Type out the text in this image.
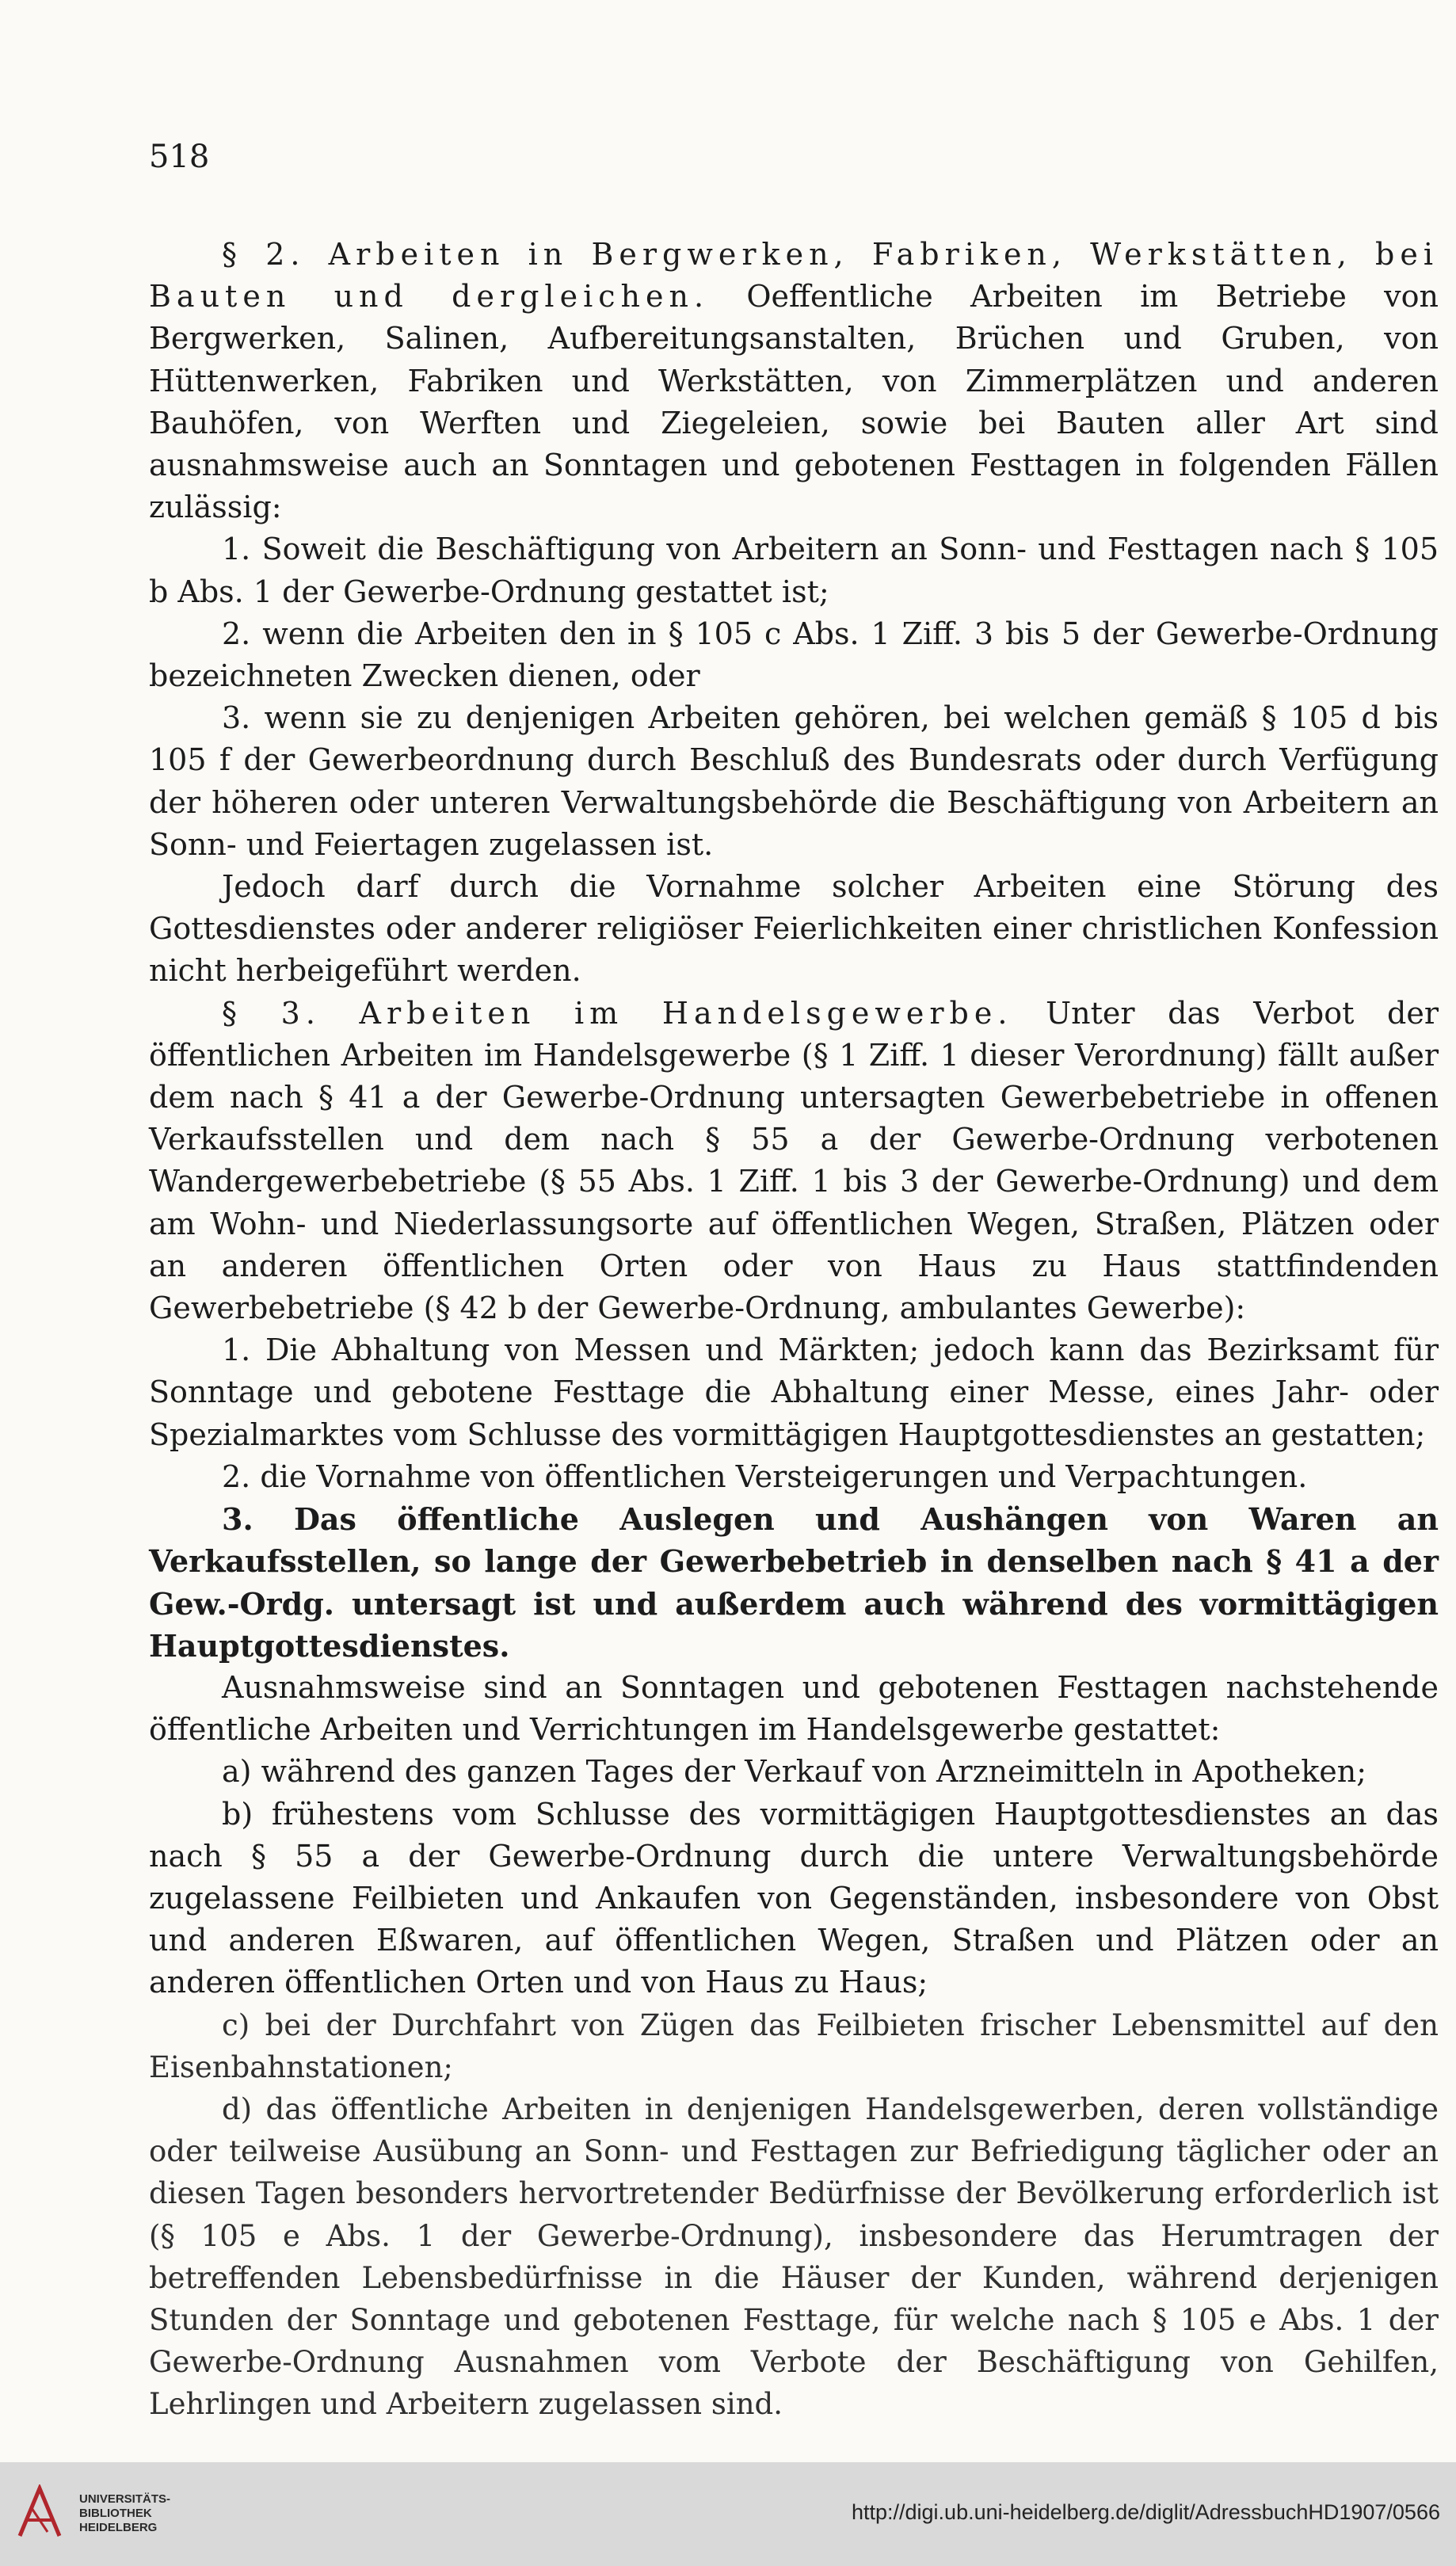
518

§ 2. Arbeiten in Bergwerken, Fabriken, Werkstätten, bei Bauten und dergleichen. Oeffentliche Arbeiten im Betriebe von Bergwerken, Salinen, Aufbereitungsanstalten, Brüchen und Gruben, von Hüttenwerken, Fabriken und Werkstätten, von Zimmerplätzen und anderen Bauhöfen, von Werften und Ziegeleien, sowie bei Bauten aller Art sind ausnahmsweise auch an Sonntagen und gebotenen Festtagen in folgenden Fällen zulässig:

1. Soweit die Beschäftigung von Arbeitern an Sonn- und Festtagen nach § 105 b Abs. 1 der Gewerbe-Ordnung gestattet ist;

2. wenn die Arbeiten den in § 105 c Abs. 1 Ziff. 3 bis 5 der Gewerbe-Ordnung bezeichneten Zwecken dienen, oder

3. wenn sie zu denjenigen Arbeiten gehören, bei welchen gemäß § 105 d bis 105 f der Gewerbeordnung durch Beschluß des Bundesrats oder durch Verfügung der höheren oder unteren Verwaltungsbehörde die Beschäftigung von Arbeitern an Sonn- und Feiertagen zugelassen ist.

Jedoch darf durch die Vornahme solcher Arbeiten eine Störung des Gottesdienstes oder anderer religiöser Feierlichkeiten einer christlichen Konfession nicht herbeigeführt werden.

§ 3. Arbeiten im Handelsgewerbe. Unter das Verbot der öffentlichen Arbeiten im Handelsgewerbe (§ 1 Ziff. 1 dieser Verordnung) fällt außer dem nach § 41 a der Gewerbe-Ordnung untersagten Gewerbebetriebe in offenen Verkaufsstellen und dem nach § 55 a der Gewerbe-Ordnung verbotenen Wandergewerbebetriebe (§ 55 Abs. 1 Ziff. 1 bis 3 der Gewerbe-Ordnung) und dem am Wohn- und Niederlassungsorte auf öffentlichen Wegen, Straßen, Plätzen oder an anderen öffentlichen Orten oder von Haus zu Haus stattfindenden Gewerbebetriebe (§ 42 b der Gewerbe-Ordnung, ambulantes Gewerbe):

1. Die Abhaltung von Messen und Märkten; jedoch kann das Bezirksamt für Sonntage und gebotene Festtage die Abhaltung einer Messe, eines Jahr- oder Spezialmarktes vom Schlusse des vormittägigen Hauptgottesdienstes an gestatten;

2. die Vornahme von öffentlichen Versteigerungen und Verpachtungen.

3. Das öffentliche Auslegen und Aushängen von Waren an Verkaufsstellen, so lange der Gewerbebetrieb in denselben nach § 41 a der Gew.-Ordg. untersagt ist und außerdem auch während des vormittägigen Hauptgottesdienstes.

Ausnahmsweise sind an Sonntagen und gebotenen Festtagen nachstehende öffentliche Arbeiten und Verrichtungen im Handelsgewerbe gestattet:

a) während des ganzen Tages der Verkauf von Arzneimitteln in Apotheken;

b) frühestens vom Schlusse des vormittägigen Hauptgottesdienstes an das nach § 55 a der Gewerbe-Ordnung durch die untere Verwaltungsbehörde zugelassene Feilbieten und Ankaufen von Gegenständen, insbesondere von Obst und anderen Eßwaren, auf öffentlichen Wegen, Straßen und Plätzen oder an anderen öffentlichen Orten und von Haus zu Haus;

c) bei der Durchfahrt von Zügen das Feilbieten frischer Lebensmittel auf den Eisenbahnstationen;

d) das öffentliche Arbeiten in denjenigen Handelsgewerben, deren vollständige oder teilweise Ausübung an Sonn- und Festtagen zur Befriedigung täglicher oder an diesen Tagen besonders hervortretender Bedürfnisse der Bevölkerung erforderlich ist (§ 105 e Abs. 1 der Gewerbe-Ordnung), insbesondere das Herumtragen der betreffenden Lebensbedürfnisse in die Häuser der Kunden, während derjenigen Stunden der Sonntage und gebotenen Festtage, für welche nach § 105 e Abs. 1 der Gewerbe-Ordnung Ausnahmen vom Verbote der Beschäftigung von Gehilfen, Lehrlingen und Arbeitern zugelassen sind.

UNIVERSITÄTS-
BIBLIOTHEK
HEIDELBERG
http://digi.ub.uni-heidelberg.de/diglit/AdressbuchHD1907/0566
